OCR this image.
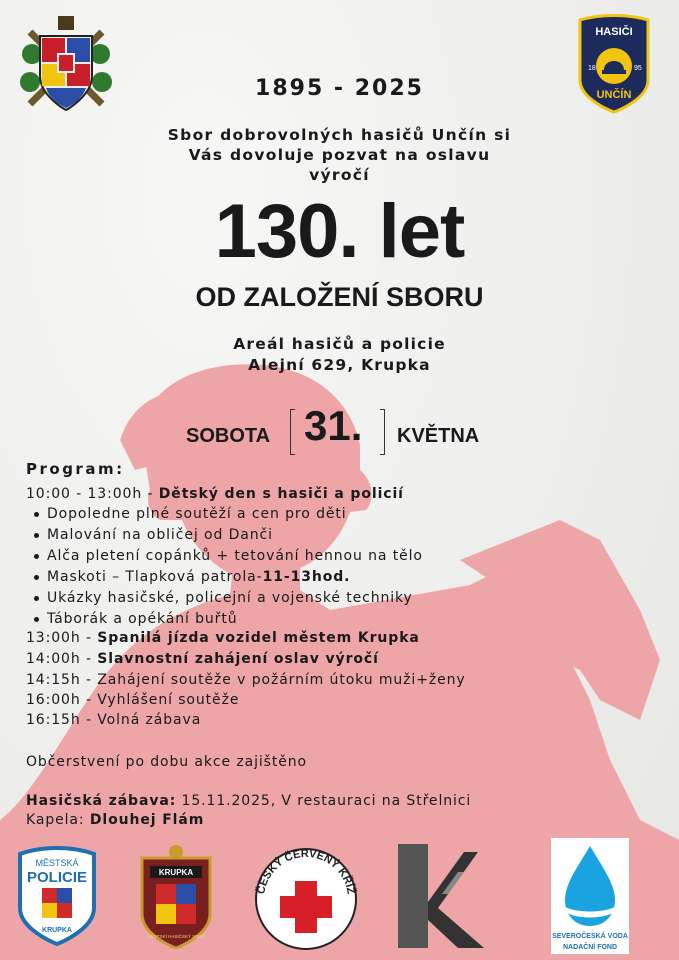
HASIČI
18	95
UNČÍN
1895 - 2025
Sbor dobrovolných hasičů Unčín si
Vás dovoluje pozvat na oslavu
výročí
130. let
OD ZALOŽENÍ SBORU
Areál hasičů a policie
Alejní 629, Krupka
SOBOTA 31. KVĚTNA
Program:
10:00 - 13:00h - Dětský den s hasiči a policií
Dopoledne plné soutěží a cen pro děti
Malování na obličej od Danči
Alča pletení copánků + tetování hennou na tělo
Maskoti – Tlapková patrola-11-13hod.
Ukázky hasičské, policejní a vojenské techniky
Táborák a opékání buřtů
13:00h - Spanilá jízda vozidel městem Krupka
14:00h - Slavnostní zahájení oslav výročí
14:15h - Zahájení soutěže v požárním útoku muži+ženy
16:00h - Vyhlášení soutěže
16:15h - Volná zábava
Občerstvení po dobu akce zajištěno
Hasičská zábava: 15.11.2025, V restauraci na Střelnici
Kapela: Dlouhej Flám
MĚSTSKÁ
POLICIE
KRUPKA
KRUPKA
MĚSTSKÍ HASIČSKÝ SBOR
ČESKÝ ČERVENÝ KŘÍŽ
SEVEROČESKÁ VODA
NADAČNÍ FOND
